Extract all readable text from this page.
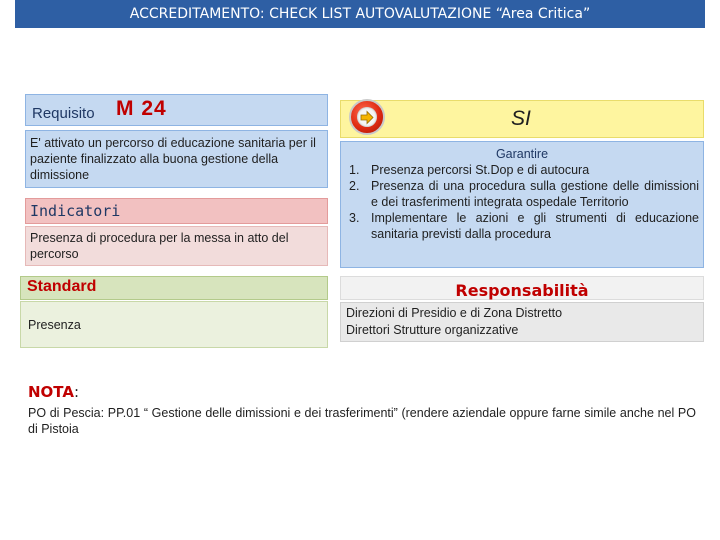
ACCREDITAMENTO: CHECK LIST AUTOVALUTAZIONE “Area Critica”
Requisito M 24
E' attivato un percorso di educazione sanitaria per il paziente finalizzato alla buona gestione della dimissione
Indicatori
Presenza di procedura per la messa in atto del percorso
Standard
Presenza
SI
Garantire
1. Presenza percorsi St.Dop e di autocura
2. Presenza di una procedura sulla gestione delle dimissioni e dei trasferimenti integrata ospedale Territorio
3. Implementare le azioni e gli strumenti di educazione sanitaria previsti dalla procedura
Responsabilità
Direzioni di Presidio e di Zona Distretto
Direttori Strutture organizzative
NOTA:
PO di Pescia: PP.01 “ Gestione delle dimissioni e dei trasferimenti” (rendere aziendale oppure farne simile anche nel PO di Pistoia
